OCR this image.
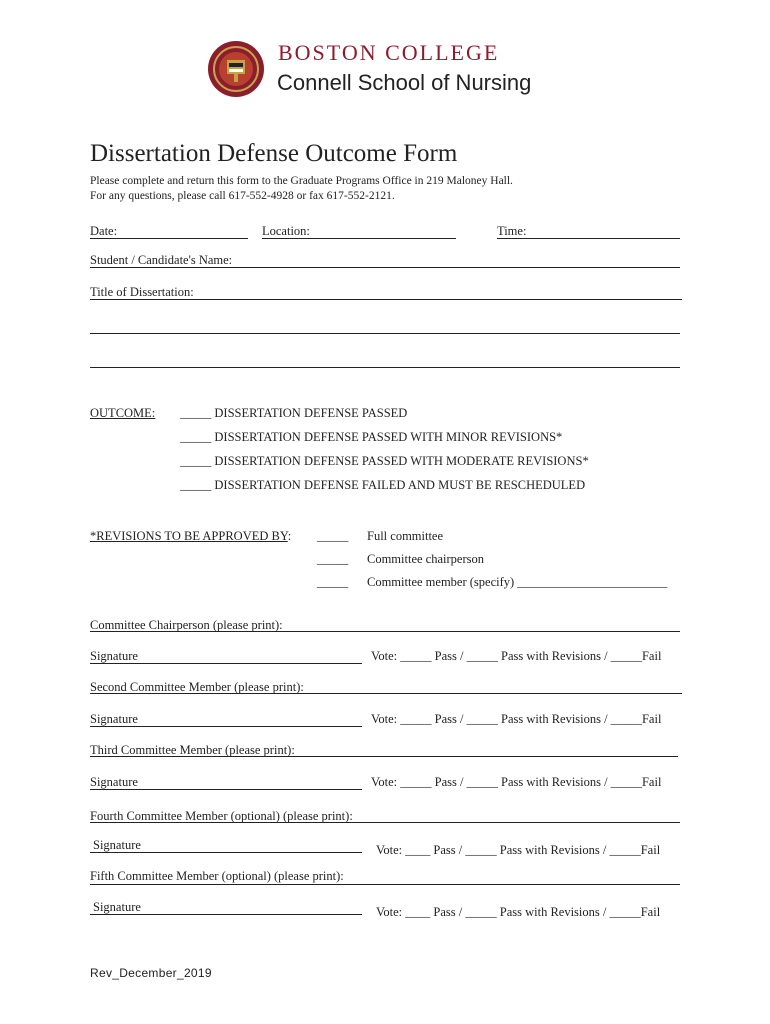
BOSTON COLLEGE
Connell School of Nursing
Dissertation Defense Outcome Form
Please complete and return this form to the Graduate Programs Office in 219 Maloney Hall.
For any questions, please call 617-552-4928 or fax 617-552-2121.
Date:	Location:	Time:
Student / Candidate's Name:
Title of Dissertation:
OUTCOME: _____ DISSERTATION DEFENSE PASSED
_____ DISSERTATION DEFENSE PASSED WITH MINOR REVISIONS*
_____ DISSERTATION DEFENSE PASSED WITH MODERATE REVISIONS*
_____ DISSERTATION DEFENSE FAILED AND MUST BE RESCHEDULED
*REVISIONS TO BE APPROVED BY: _____ Full committee
_____ Committee chairperson
_____ Committee member (specify) ________________________
Committee Chairperson (please print):
Signature	Vote: _____ Pass / _____ Pass with Revisions / _____Fail
Second Committee Member (please print):
Signature	Vote: _____ Pass / _____ Pass with Revisions / _____Fail
Third Committee Member (please print):
Signature	Vote: _____ Pass / _____ Pass with Revisions / _____Fail
Fourth Committee Member (optional) (please print):
Signature	Vote: ____ Pass / _____ Pass with Revisions / _____Fail
Fifth Committee Member (optional) (please print):
Signature	Vote: ____ Pass / _____ Pass with Revisions / _____Fail
Rev_December_2019
